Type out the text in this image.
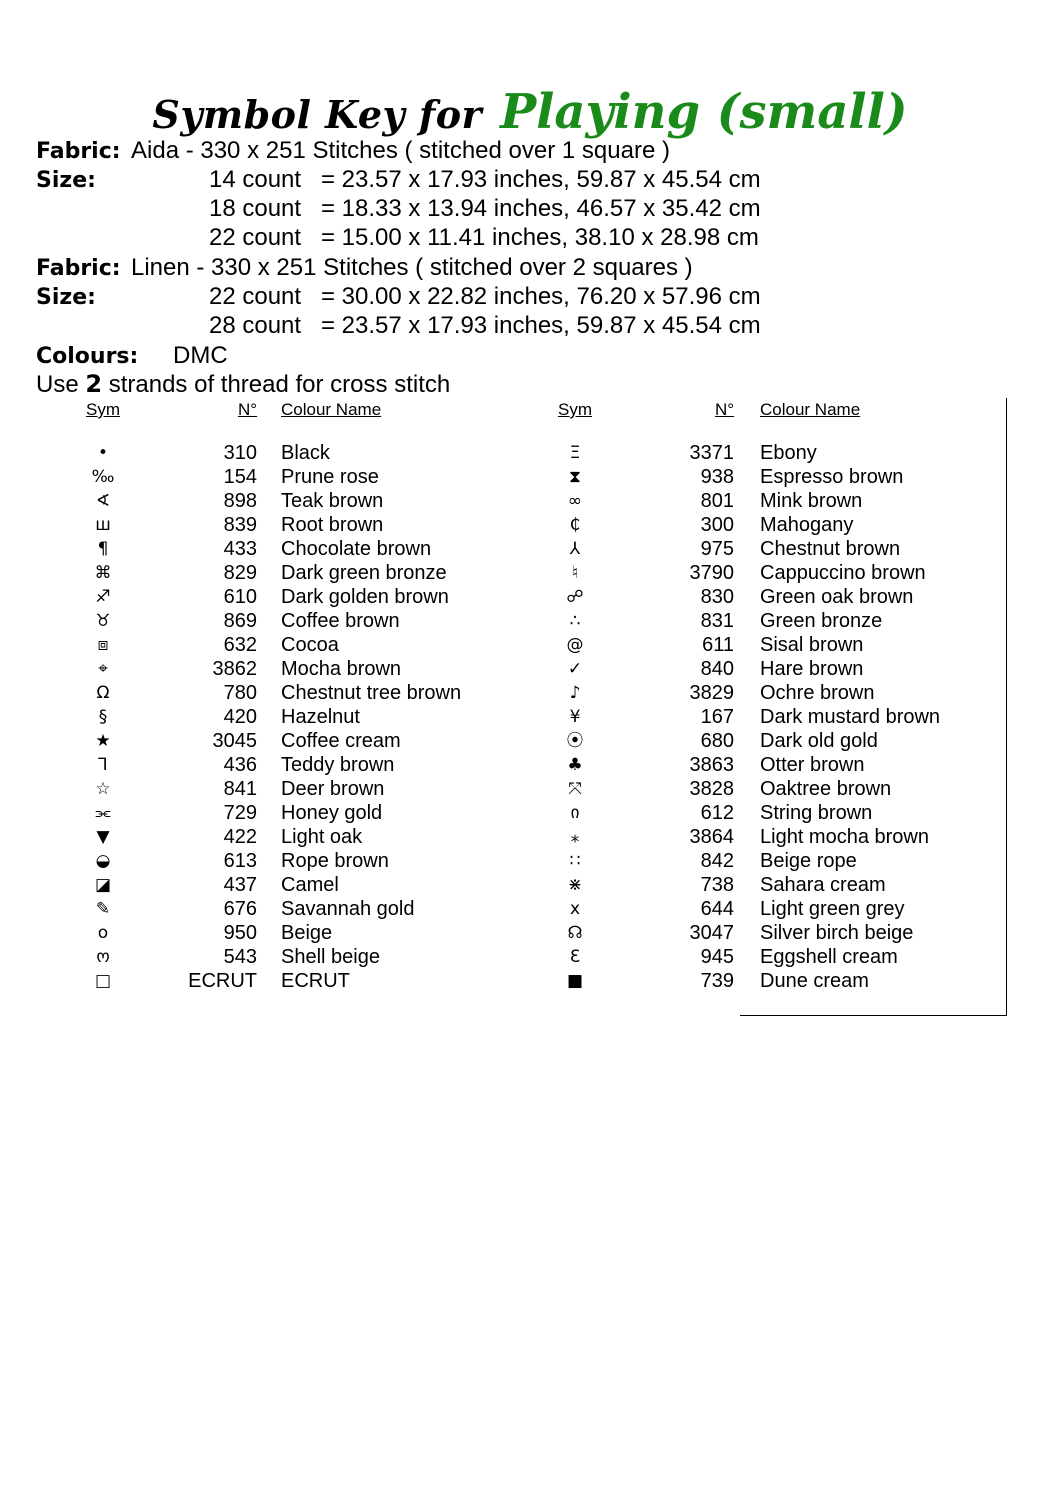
Symbol Key for Playing (small)
Fabric: Aida - 330 x 251 Stitches ( stitched over 1 square )
Size:	14 count = 23.57 x 17.93 inches, 59.87 x 45.54 cm
18 count = 18.33 x 13.94 inches, 46.57 x 35.42 cm
22 count = 15.00 x 11.41 inches, 38.10 x 28.98 cm
Fabric: Linen - 330 x 251 Stitches ( stitched over 2 squares )
Size:	22 count = 30.00 x 22.82 inches, 76.20 x 57.96 cm
28 count = 23.57 x 17.93 inches, 59.87 x 45.54 cm
Colours: DMC
Use 2 strands of thread for cross stitch
Sym	N° Colour Name	Sym	N° Colour Name
•	310 Black
‰	154 Prune rose
∢	898 Teak brown
ш	839 Root brown
¶	433 Chocolate brown
⌘	829 Dark green bronze
♐	610 Dark golden brown
♉	869 Coffee brown
⧈	632 Cocoa
⌖	3862 Mocha brown
Ω	780 Chestnut tree brown
§	420 Hazelnut
★	3045 Coffee cream
⅂	436 Teddy brown
☆	841 Deer brown
⫘	729 Honey gold
▼	422 Light oak
◒	613 Rope brown
◪	437 Camel
✎	676 Savannah gold
o	950 Beige
ო	543 Shell beige
□	ECRUT ECRUT
Ξ	3371 Ebony
⧗	938 Espresso brown
∞	801 Mink brown
₵	300 Mahogany
⅄	975 Chestnut brown
♮	3790 Cappuccino brown
☍	830 Green oak brown
∴	831 Green bronze
@	611 Sisal brown
✓	840 Hare brown
♪	3829 Ochre brown
¥	167 Dark mustard brown
⦿	680 Dark old gold
♣	3863 Otter brown
⤧	3828 Oaktree brown
ი	612 String brown
⁎	3864 Light mocha brown
∷	842 Beige rope
⋇	738 Sahara cream
x	644 Light green grey
☊	3047 Silver birch beige
Ɛ	945 Eggshell cream
■	739 Dune cream
